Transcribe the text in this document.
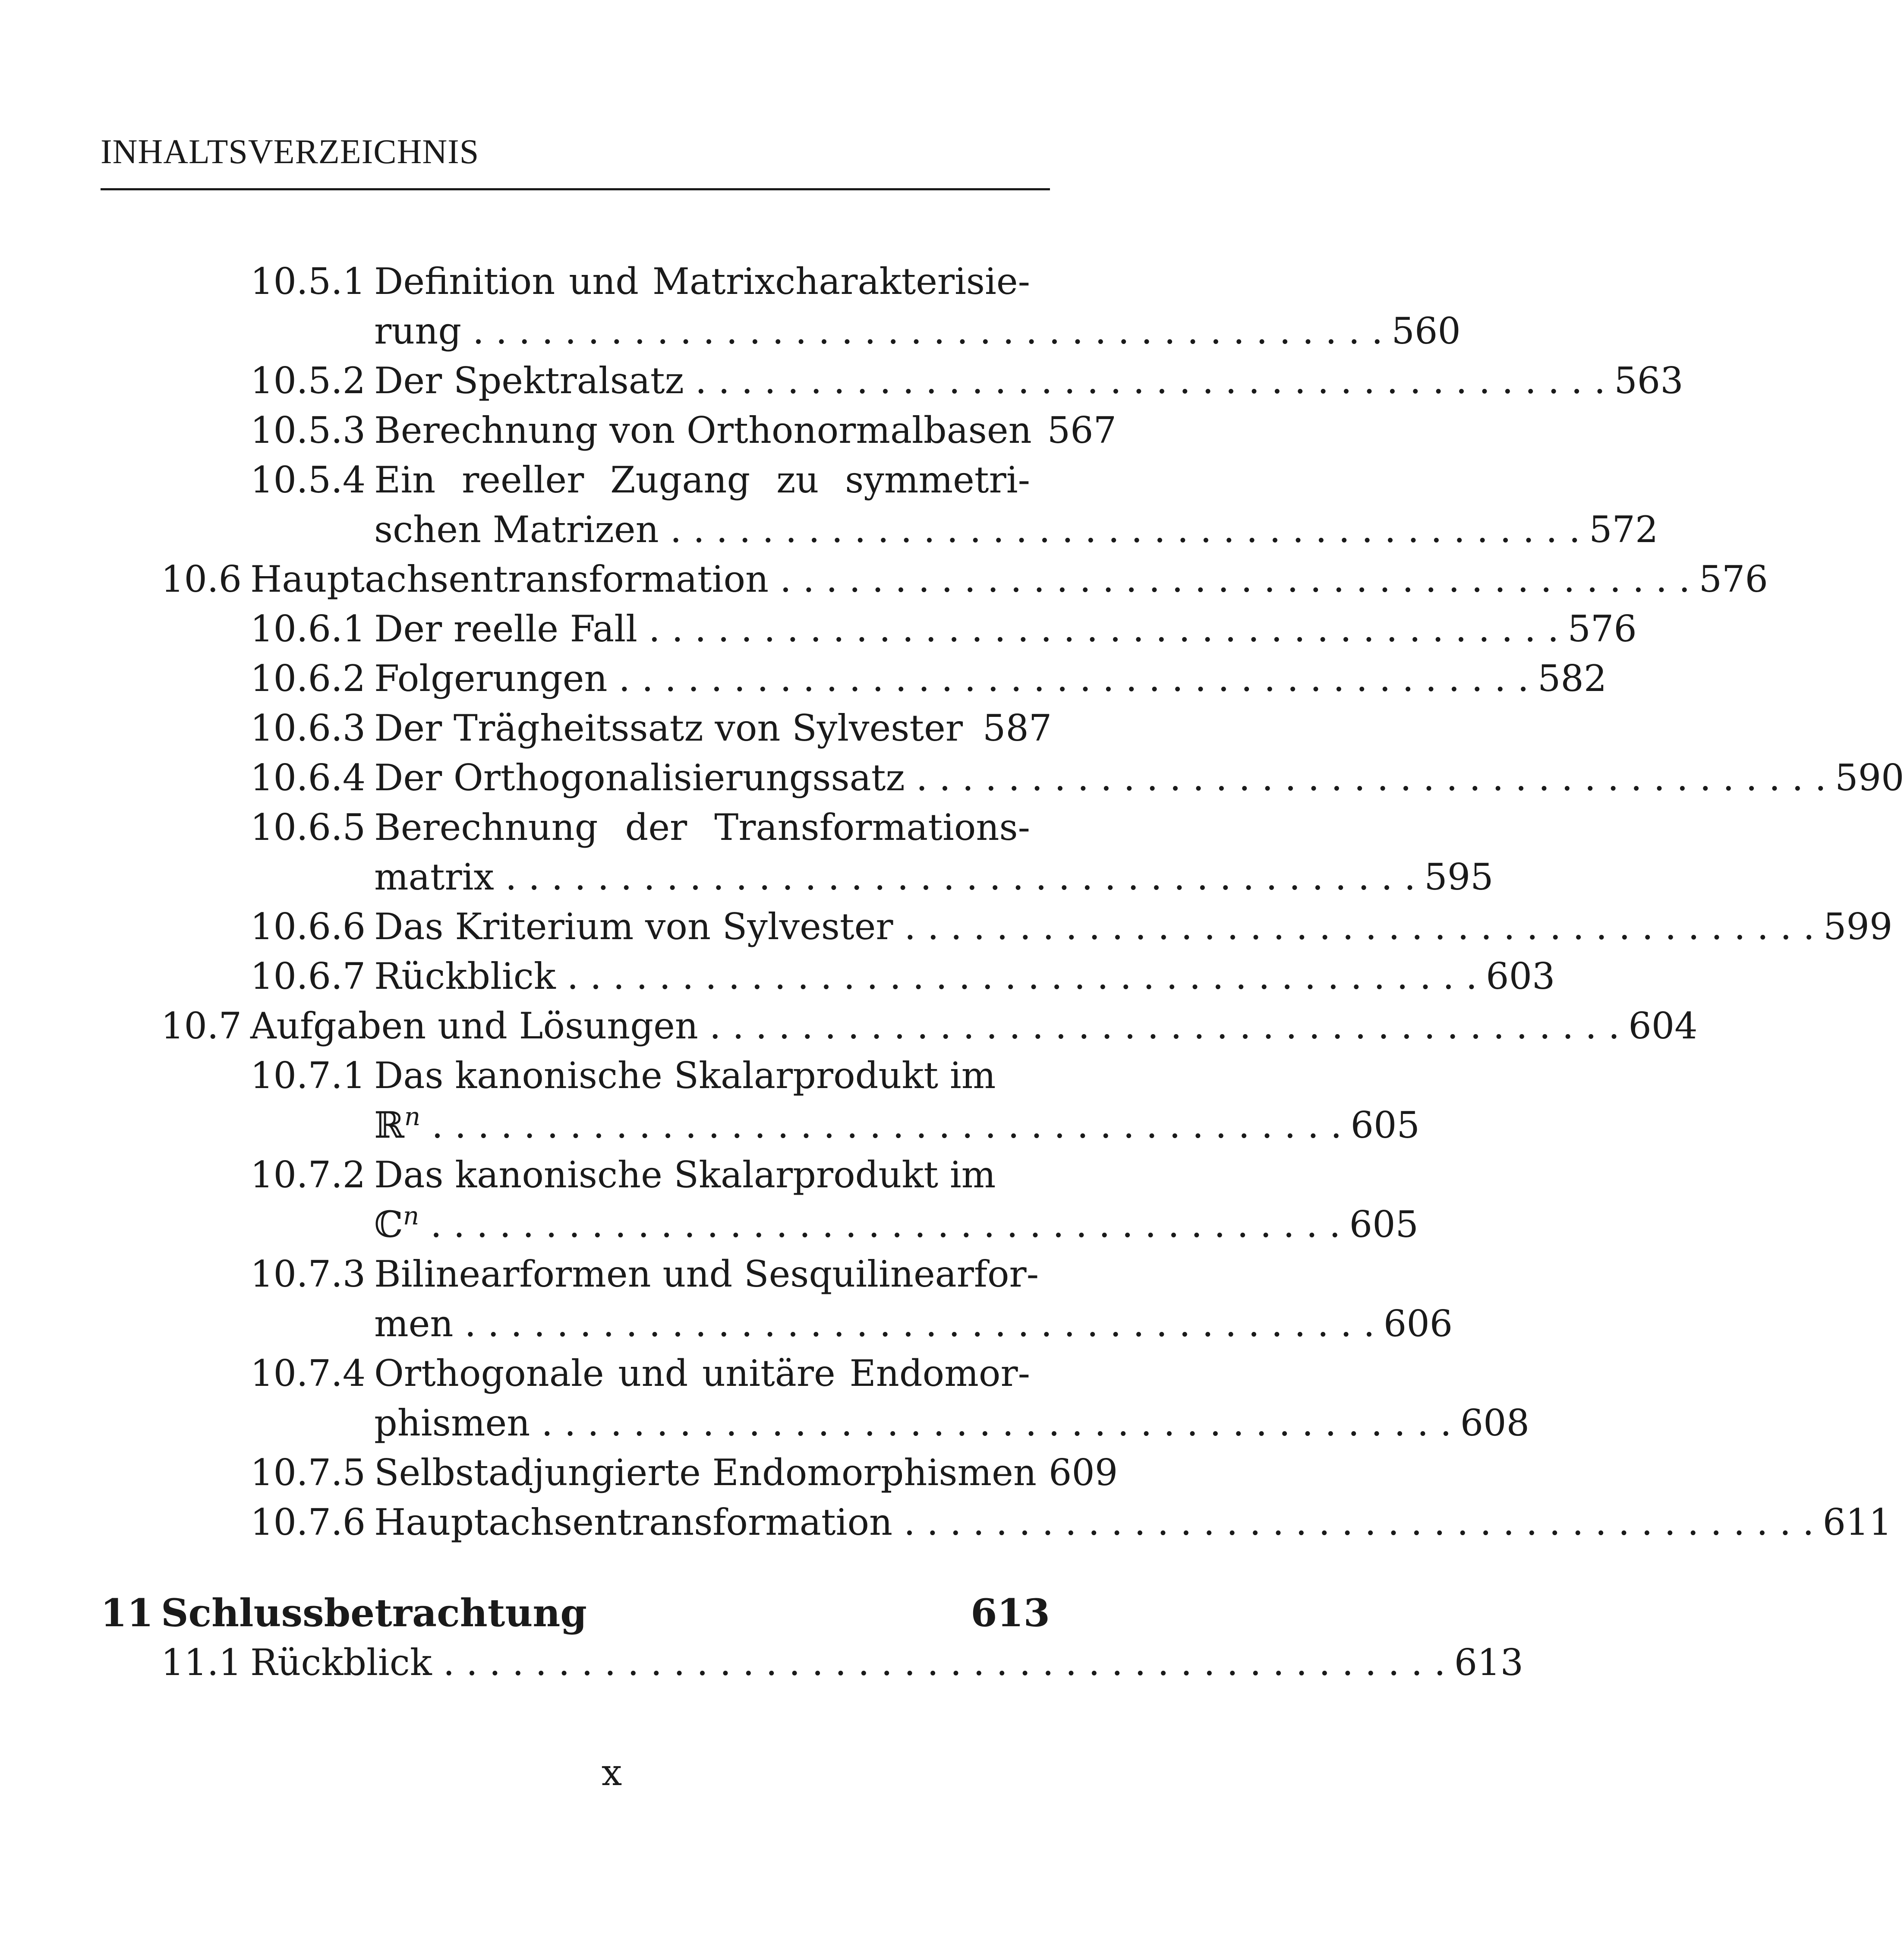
INHALTSVERZEICHNIS
10.5.1 Definition und Matrixcharakterisie-
rung . . . . . . . . . . . . . . . . . . . . . . . . . . . . . . . . . . . . . . . . 560
10.5.2 Der Spektralsatz . . . . . . . . . . . . . . . . . . . . . . . . . . . . . . . . . . . . . . . . 563
10.5.3 Berechnung von Orthonormalbasen 567
10.5.4 Ein reeller Zugang zu symmetri-
schen Matrizen . . . . . . . . . . . . . . . . . . . . . . . . . . . . . . . . . . . . . . . . 572
10.6 Hauptachsentransformation . . . . . . . . . . . . . . . . . . . . . . . . . . . . . . . . . . . . . . . . 576
10.6.1 Der reelle Fall . . . . . . . . . . . . . . . . . . . . . . . . . . . . . . . . . . . . . . . . 576
10.6.2 Folgerungen . . . . . . . . . . . . . . . . . . . . . . . . . . . . . . . . . . . . . . . . 582
10.6.3 Der Trägheitssatz von Sylvester 587
10.6.4 Der Orthogonalisierungssatz . . . . . . . . . . . . . . . . . . . . . . . . . . . . . . . . . . . . . . . . 590
10.6.5 Berechnung der Transformations-
matrix . . . . . . . . . . . . . . . . . . . . . . . . . . . . . . . . . . . . . . . . 595
10.6.6 Das Kriterium von Sylvester . . . . . . . . . . . . . . . . . . . . . . . . . . . . . . . . . . . . . . . . 599
10.6.7 Rückblick . . . . . . . . . . . . . . . . . . . . . . . . . . . . . . . . . . . . . . . . 603
10.7 Aufgaben und Lösungen . . . . . . . . . . . . . . . . . . . . . . . . . . . . . . . . . . . . . . . . 604
10.7.1 Das kanonische Skalarprodukt im
ℝ$^n$ . . . . . . . . . . . . . . . . . . . . . . . . . . . . . . . . . . . . . . . . 605
10.7.2 Das kanonische Skalarprodukt im
ℂ$^n$ . . . . . . . . . . . . . . . . . . . . . . . . . . . . . . . . . . . . . . . . 605
10.7.3 Bilinearformen und Sesquilinearfor-
men . . . . . . . . . . . . . . . . . . . . . . . . . . . . . . . . . . . . . . . . 606
10.7.4 Orthogonale und unitäre Endomor-
phismen . . . . . . . . . . . . . . . . . . . . . . . . . . . . . . . . . . . . . . . . 608
10.7.5 Selbstadjungierte Endomorphismen 609
10.7.6 Hauptachsentransformation . . . . . . . . . . . . . . . . . . . . . . . . . . . . . . . . . . . . . . . . 611
11 Schlussbetrachtung	613
11.1 Rückblick . . . . . . . . . . . . . . . . . . . . . . . . . . . . . . . . . . . . . . . . . . . . 613
x
